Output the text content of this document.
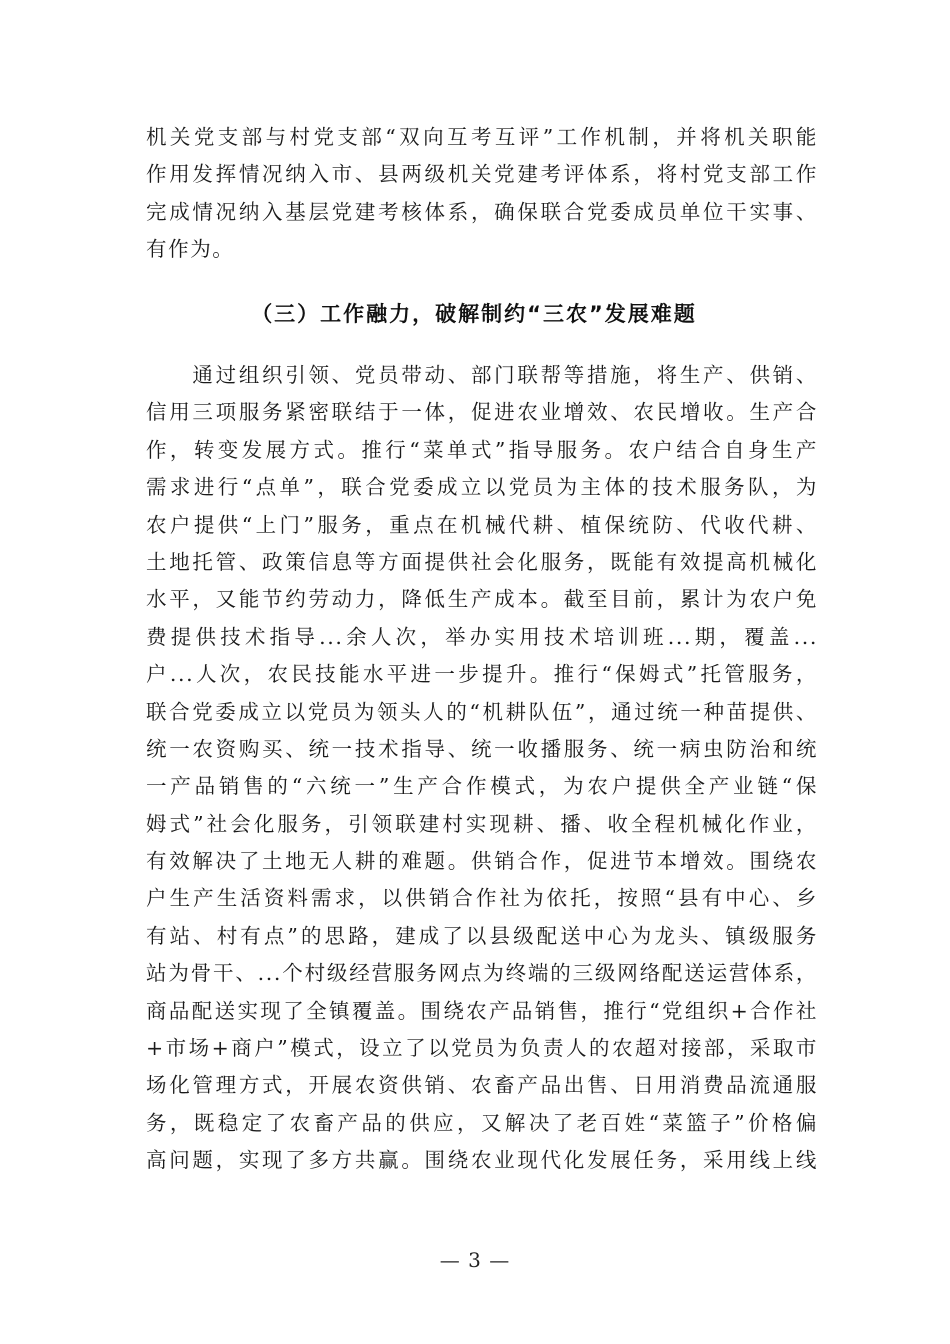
机关党支部与村党支部“双向互考互评”工作机制，并将机关职能
作用发挥情况纳入市、县两级机关党建考评体系，将村党支部工作
完成情况纳入基层党建考核体系，确保联合党委成员单位干实事、
有作为。
（三）工作融力，破解制约“三农”发展难题
　　通过组织引领、党员带动、部门联帮等措施，将生产、供销、
信用三项服务紧密联结于一体，促进农业增效、农民增收。生产合
作，转变发展方式。推行“菜单式”指导服务。农户结合自身生产
需求进行“点单”，联合党委成立以党员为主体的技术服务队，为
农户提供“上门”服务，重点在机械代耕、植保统防、代收代耕、
土地托管、政策信息等方面提供社会化服务，既能有效提高机械化
水平，又能节约劳动力，降低生产成本。截至目前，累计为农户免
费提供技术指导...余人次，举办实用技术培训班...期，覆盖...
户...人次，农民技能水平进一步提升。推行“保姆式”托管服务，
联合党委成立以党员为领头人的“机耕队伍”，通过统一种苗提供、
统一农资购买、统一技术指导、统一收播服务、统一病虫防治和统
一产品销售的“六统一”生产合作模式，为农户提供全产业链“保
姆式”社会化服务，引领联建村实现耕、播、收全程机械化作业，
有效解决了土地无人耕的难题。供销合作，促进节本增效。围绕农
户生产生活资料需求，以供销合作社为依托，按照“县有中心、乡
有站、村有点”的思路，建成了以县级配送中心为龙头、镇级服务
站为骨干、...个村级经营服务网点为终端的三级网络配送运营体系，
商品配送实现了全镇覆盖。围绕农产品销售，推行“党组织+合作社
+市场+商户”模式，设立了以党员为负责人的农超对接部，采取市
场化管理方式，开展农资供销、农畜产品出售、日用消费品流通服
务，既稳定了农畜产品的供应，又解决了老百姓“菜篮子”价格偏
高问题，实现了多方共赢。围绕农业现代化发展任务，采用线上线
— 3 —
